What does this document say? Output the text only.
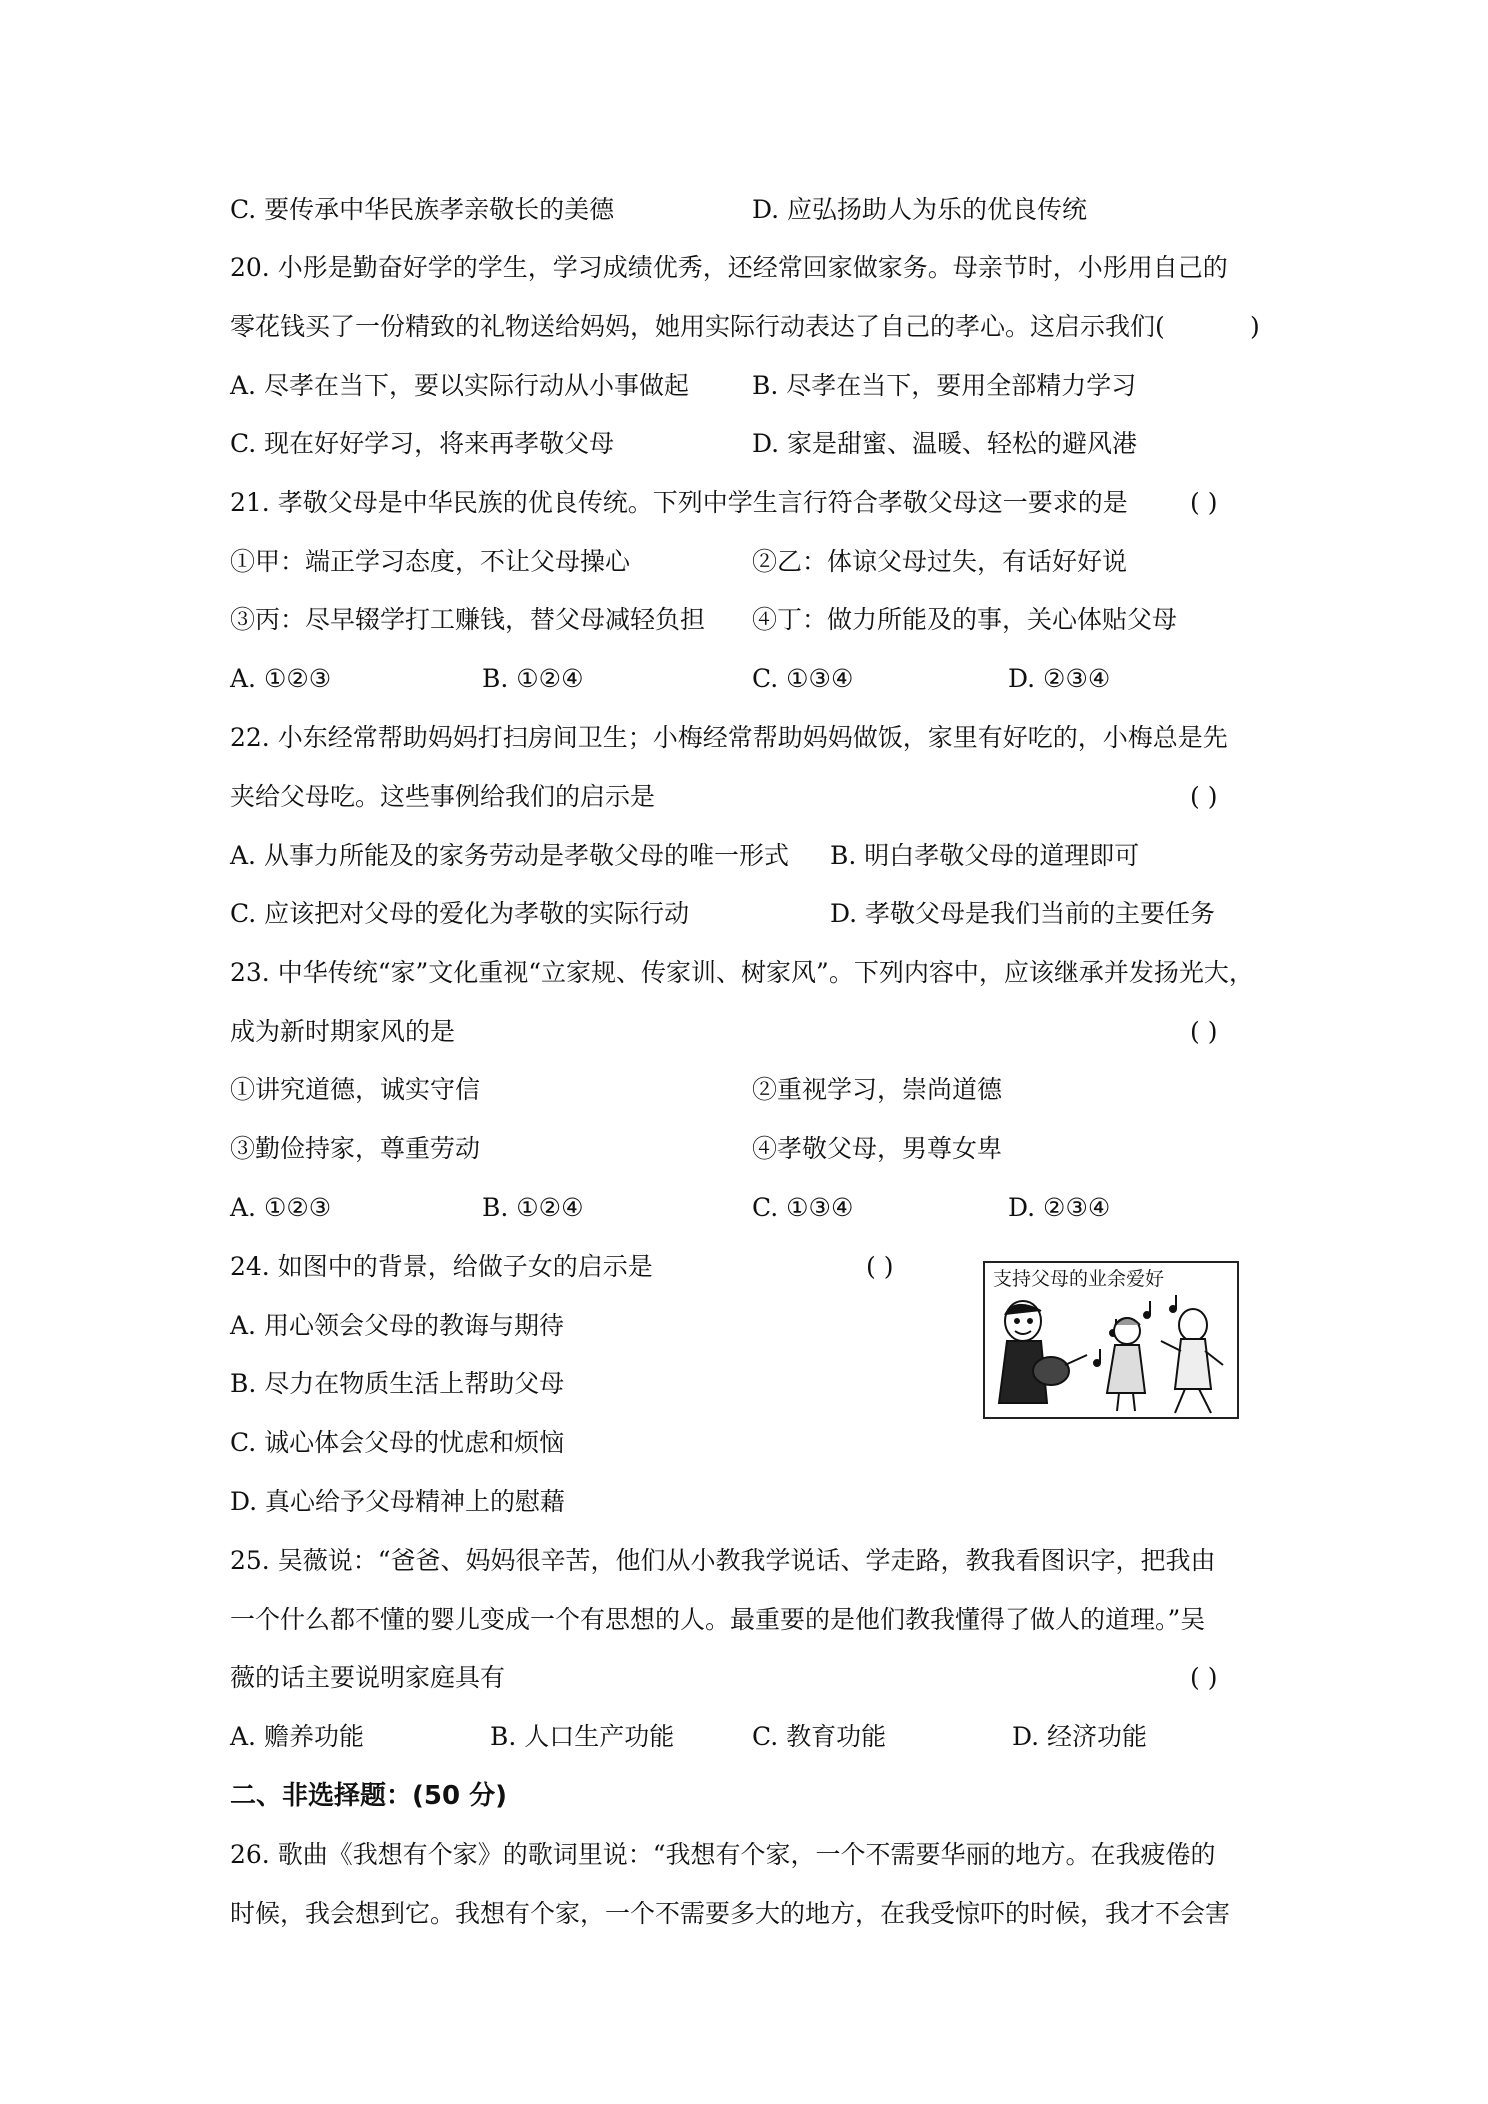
C. 要传承中华民族孝亲敬长的美德	D. 应弘扬助人为乐的优良传统
20. 小彤是勤奋好学的学生，学习成绩优秀，还经常回家做家务。母亲节时，小彤用自己的
零花钱买了一份精致的礼物送给妈妈，她用实际行动表达了自己的孝心。这启示我们(	)
A. 尽孝在当下，要以实际行动从小事做起	B. 尽孝在当下，要用全部精力学习
C. 现在好好学习，将来再孝敬父母	D. 家是甜蜜、温暖、轻松的避风港
21. 孝敬父母是中华民族的优良传统。下列中学生言行符合孝敬父母这一要求的是 ( )
①甲：端正学习态度，不让父母操心	②乙：体谅父母过失，有话好好说
③丙：尽早辍学打工赚钱，替父母减轻负担 ④丁：做力所能及的事，关心体贴父母
A. ①②③	B. ①②④	C. ①③④	D. ②③④
22. 小东经常帮助妈妈打扫房间卫生；小梅经常帮助妈妈做饭，家里有好吃的，小梅总是先
夹给父母吃。这些事例给我们的启示是	( )
A. 从事力所能及的家务劳动是孝敬父母的唯一形式 B. 明白孝敬父母的道理即可
C. 应该把对父母的爱化为孝敬的实际行动	D. 孝敬父母是我们当前的主要任务
23. 中华传统“家”文化重视“立家规、传家训、树家风”。下列内容中，应该继承并发扬光大，
成为新时期家风的是	( )
①讲究道德，诚实守信	②重视学习，崇尚道德
③勤俭持家，尊重劳动	④孝敬父母，男尊女卑
A. ①②③	B. ①②④	C. ①③④	D. ②③④
24. 如图中的背景，给做子女的启示是	( )	支持父母的业余爱好
A. 用心领会父母的教诲与期待
B. 尽力在物质生活上帮助父母
C. 诚心体会父母的忧虑和烦恼
D. 真心给予父母精神上的慰藉
25. 吴薇说：“爸爸、妈妈很辛苦，他们从小教我学说话、学走路，教我看图识字，把我由
一个什么都不懂的婴儿变成一个有思想的人。最重要的是他们教我懂得了做人的道理。”吴
薇的话主要说明家庭具有	( )
A. 赡养功能	B. 人口生产功能	C. 教育功能	D. 经济功能
二、非选择题：(50 分)
26. 歌曲《我想有个家》的歌词里说：“我想有个家，一个不需要华丽的地方。在我疲倦的
时候，我会想到它。我想有个家，一个不需要多大的地方，在我受惊吓的时候，我才不会害
